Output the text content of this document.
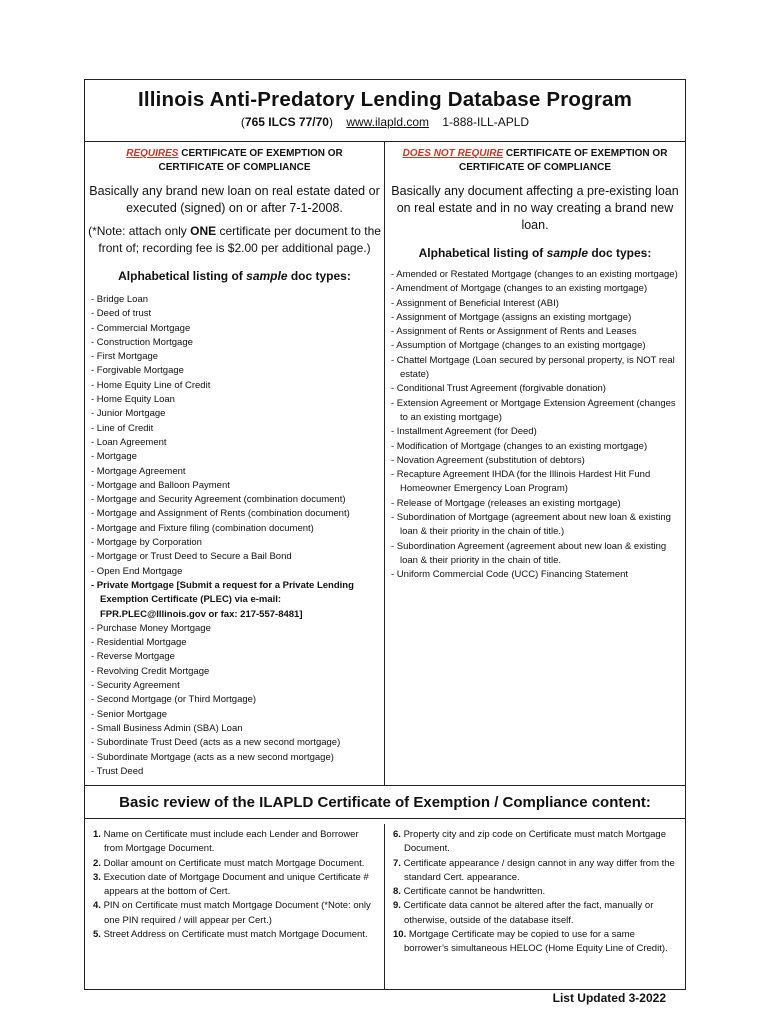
Illinois Anti-Predatory Lending Database Program
(765 ILCS 77/70) www.ilapld.com 1-888-ILL-APLD
REQUIRES CERTIFICATE OF EXEMPTION OR
CERTIFICATE OF COMPLIANCE
Basically any brand new loan on real estate dated or executed (signed) on or after 7-1-2008.
(*Note: attach only ONE certificate per document to the front of; recording fee is $2.00 per additional page.)
Alphabetical listing of sample doc types:
- Bridge Loan
- Deed of trust
- Commercial Mortgage
- Construction Mortgage
- First Mortgage
- Forgivable Mortgage
- Home Equity Line of Credit
- Home Equity Loan
- Junior Mortgage
- Line of Credit
- Loan Agreement
- Mortgage
- Mortgage Agreement
- Mortgage and Balloon Payment
- Mortgage and Security Agreement (combination document)
- Mortgage and Assignment of Rents (combination document)
- Mortgage and Fixture filing (combination document)
- Mortgage by Corporation
- Mortgage or Trust Deed to Secure a Bail Bond
- Open End Mortgage
- Private Mortgage [Submit a request for a Private Lending Exemption Certificate (PLEC) via e-mail: FPR.PLEC@Illinois.gov or fax: 217-557-8481]
- Purchase Money Mortgage
- Residential Mortgage
- Reverse Mortgage
- Revolving Credit Mortgage
- Security Agreement
- Second Mortgage (or Third Mortgage)
- Senior Mortgage
- Small Business Admin (SBA) Loan
- Subordinate Trust Deed (acts as a new second mortgage)
- Subordinate Mortgage (acts as a new second mortgage)
- Trust Deed
DOES NOT REQUIRE CERTIFICATE OF EXEMPTION OR
CERTIFICATE OF COMPLIANCE
Basically any document affecting a pre-existing loan on real estate and in no way creating a brand new loan.
Alphabetical listing of sample doc types:
- Amended or Restated Mortgage (changes to an existing mortgage)
- Amendment of Mortgage (changes to an existing mortgage)
- Assignment of Beneficial Interest (ABI)
- Assignment of Mortgage (assigns an existing mortgage)
- Assignment of Rents or Assignment of Rents and Leases
- Assumption of Mortgage (changes to an existing mortgage)
- Chattel Mortgage (Loan secured by personal property, is NOT real estate)
- Conditional Trust Agreement (forgivable donation)
- Extension Agreement or Mortgage Extension Agreement (changes to an existing mortgage)
- Installment Agreement (for Deed)
- Modification of Mortgage (changes to an existing mortgage)
- Novation Agreement (substitution of debtors)
- Recapture Agreement IHDA (for the Illinois Hardest Hit Fund Homeowner Emergency Loan Program)
- Release of Mortgage (releases an existing mortgage)
- Subordination of Mortgage (agreement about new loan & existing loan & their priority in the chain of title.)
- Subordination Agreement (agreement about new loan & existing loan & their priority in the chain of title.
- Uniform Commercial Code (UCC) Financing Statement
Basic review of the ILAPLD Certificate of Exemption / Compliance content:
1. Name on Certificate must include each Lender and Borrower from Mortgage Document.
2. Dollar amount on Certificate must match Mortgage Document.
3. Execution date of Mortgage Document and unique Certificate # appears at the bottom of Cert.
4. PIN on Certificate must match Mortgage Document (*Note: only one PIN required / will appear per Cert.)
5. Street Address on Certificate must match Mortgage Document.
6. Property city and zip code on Certificate must match Mortgage Document.
7. Certificate appearance / design cannot in any way differ from the standard Cert. appearance.
8. Certificate cannot be handwritten.
9. Certificate data cannot be altered after the fact, manually or otherwise, outside of the database itself.
10. Mortgage Certificate may be copied to use for a same borrower’s simultaneous HELOC (Home Equity Line of Credit).
List Updated 3-2022
